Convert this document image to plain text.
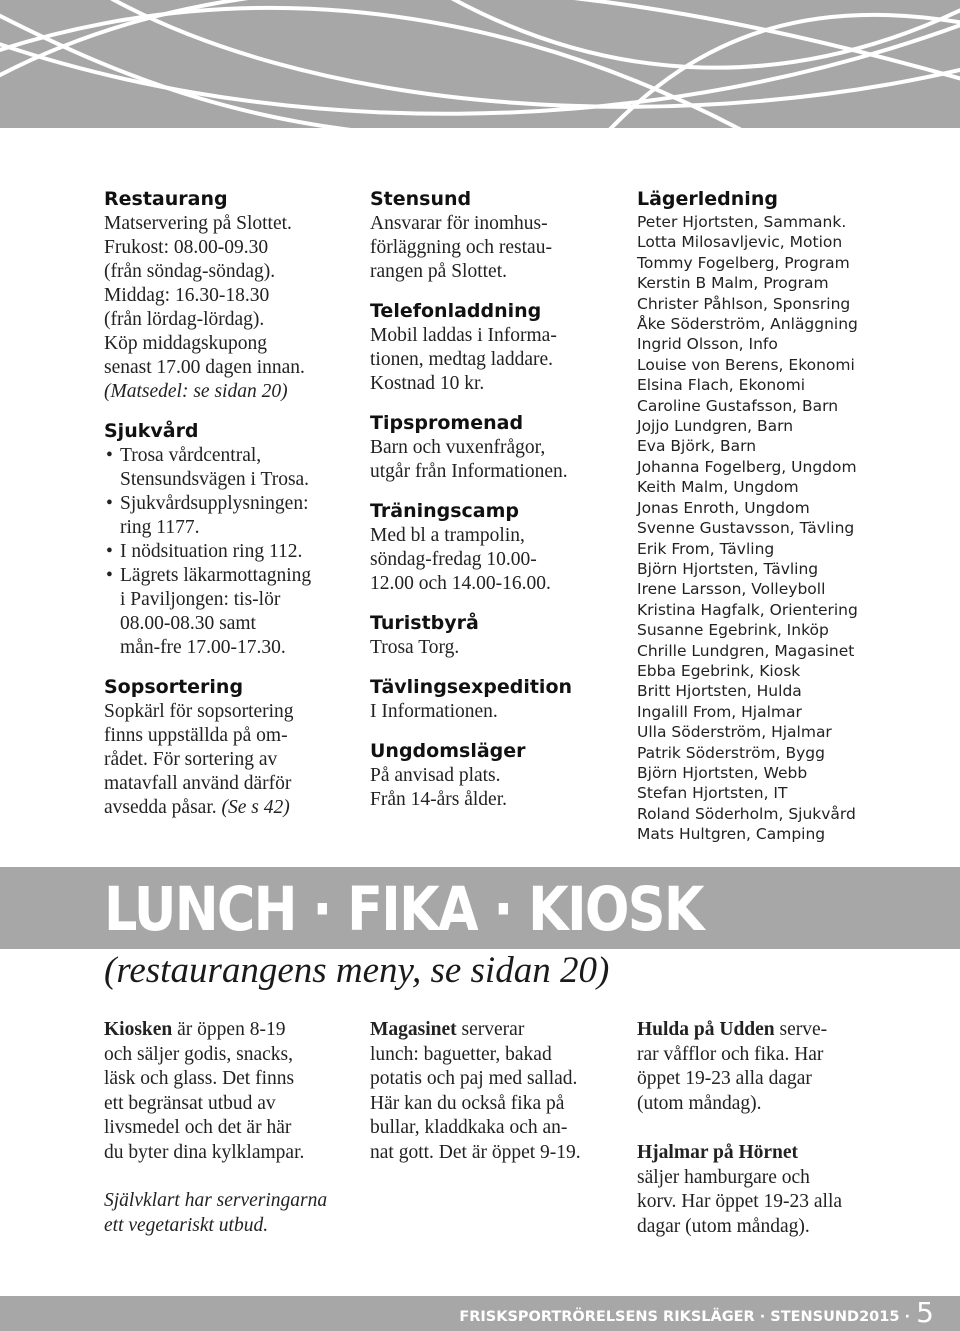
Restaurang

Matservering på Slottet.

Frukost: 08.00-09.30

(från söndag-söndag).

Middag: 16.30-18.30

(från lördag-lördag).

Köp middagskupong

senast 17.00 dagen innan.

(Matsedel: se sidan 20)

Sjukvård

• Trosa vårdcentral,
Stensundsvägen i Trosa.
• Sjukvårdsupplysningen:
ring 1177.
• I nödsituation ring 112.
• Lägrets läkarmottagning
i Paviljongen: tis-lör
08.00-08.30 samt
mån-fre 17.00-17.30.

Sopsortering

Sopkärl för sopsortering

finns uppställda på om-

rådet. För sortering av

matavfall använd därför

avsedda påsar. (Se s 42)

Stensund

Ansvarar för inomhus-

förläggning och restau-

rangen på Slottet.

Telefonladdning

Mobil laddas i Informa-

tionen, medtag laddare.

Kostnad 10 kr.

Tipspromenad

Barn och vuxenfrågor,

utgår från Informationen.

Träningscamp

Med bl a trampolin,

söndag-fredag 10.00-

12.00 och 14.00-16.00.

Turistbyrå

Trosa Torg.

Tävlingsexpedition

I Informationen.

Ungdomsläger

På anvisad plats.

Från 14-års ålder.

Lägerledning

Peter Hjortsten, Sammank.
Lotta Milosavljevic, Motion
Tommy Fogelberg, Program
Kerstin B Malm, Program
Christer Påhlson, Sponsring
Åke Söderström, Anläggning
Ingrid Olsson, Info
Louise von Berens, Ekonomi
Elsina Flach, Ekonomi
Caroline Gustafsson, Barn
Jojjo Lundgren, Barn
Eva Björk, Barn
Johanna Fogelberg, Ungdom
Keith Malm, Ungdom
Jonas Enroth, Ungdom
Svenne Gustavsson, Tävling
Erik From, Tävling
Björn Hjortsten, Tävling
Irene Larsson, Volleyboll
Kristina Hagfalk, Orientering
Susanne Egebrink, Inköp
Chrille Lundgren, Magasinet
Ebba Egebrink, Kiosk
Britt Hjortsten, Hulda
Ingalill From, Hjalmar
Ulla Söderström, Hjalmar
Patrik Söderström, Bygg
Björn Hjortsten, Webb
Stefan Hjortsten, IT
Roland Söderholm, Sjukvård
Mats Hultgren, Camping
LUNCH · FIKA · KIOSK
(restaurangens meny, se sidan 20)

Kiosken är öppen 8-19

och säljer godis, snacks,

läsk och glass. Det finns

ett begränsat utbud av

livsmedel och det är här

du byter dina kylklampar.

Självklart har serveringarna

ett vegetariskt utbud.

Magasinet serverar

lunch: baguetter, bakad

potatis och paj med sallad.

Här kan du också fika på

bullar, kladdkaka och an-

nat gott. Det är öppet 9-19.

Hulda på Udden serve-

rar våfflor och fika. Har

öppet 19-23 alla dagar

(utom måndag).

Hjalmar på Hörnet

säljer hamburgare och

korv. Har öppet 19-23 alla

dagar (utom måndag).

FRISKSPORTRÖRELSENS RIKSLÄGER · STENSUND2015 · 5
